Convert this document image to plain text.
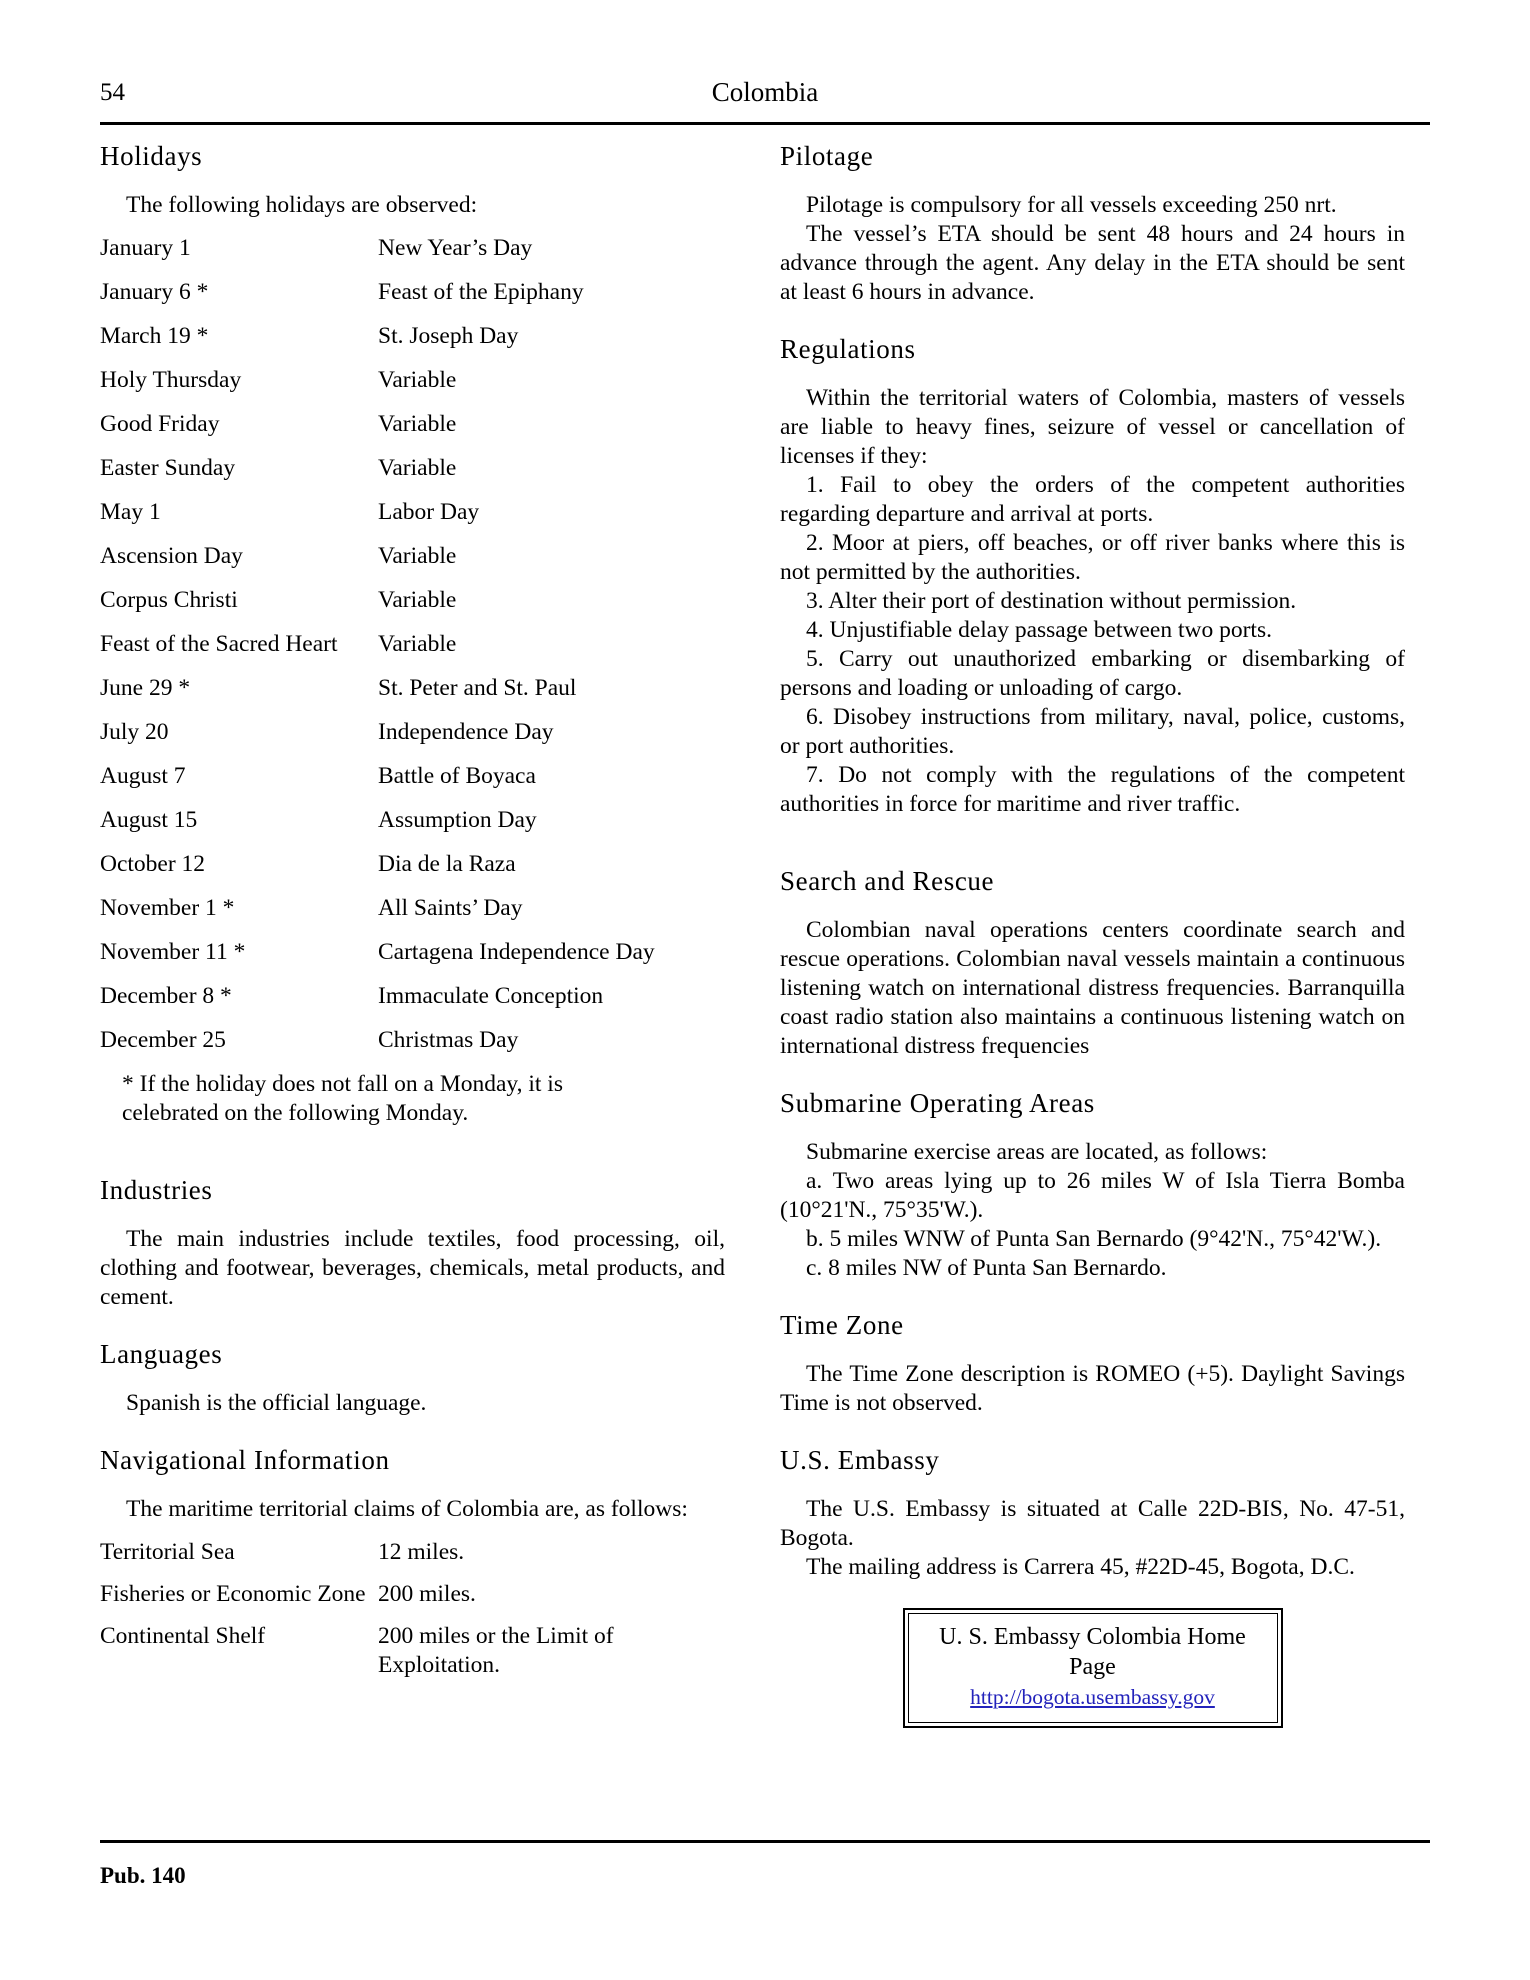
54	Colombia
Holidays

The following holidays are observed:

January 1	New Year’s Day
January 6 *	Feast of the Epiphany
March 19 *	St. Joseph Day
Holy Thursday	Variable
Good Friday	Variable
Easter Sunday	Variable
May 1	Labor Day
Ascension Day	Variable
Corpus Christi	Variable
Feast of the Sacred Heart	Variable
June 29 *	St. Peter and St. Paul
July 20	Independence Day
August 7	Battle of Boyaca
August 15	Assumption Day
October 12	Dia de la Raza
November 1 *	All Saints’ Day
November 11 *	Cartagena Independence Day
December 8 *	Immaculate Conception
December 25	Christmas Day

* If the holiday does not fall on a Monday, it is celebrated on the following Monday.

Industries

The main industries include textiles, food processing, oil, clothing and footwear, beverages, chemicals, metal products, and cement.

Languages

Spanish is the official language.

Navigational Information

The maritime territorial claims of Colombia are, as follows:

Territorial Sea	12 miles.
Fisheries or Economic Zone	200 miles.
Continental Shelf	200 miles or the Limit of Exploitation.
Pilotage

Pilotage is compulsory for all vessels exceeding 250 nrt.

The vessel’s ETA should be sent 48 hours and 24 hours in advance through the agent. Any delay in the ETA should be sent at least 6 hours in advance.

Regulations

Within the territorial waters of Colombia, masters of vessels are liable to heavy fines, seizure of vessel or cancellation of licenses if they:

1. Fail to obey the orders of the competent authorities regarding departure and arrival at ports.

2. Moor at piers, off beaches, or off river banks where this is not permitted by the authorities.

3. Alter their port of destination without permission.

4. Unjustifiable delay passage between two ports.

5. Carry out unauthorized embarking or disembarking of persons and loading or unloading of cargo.

6. Disobey instructions from military, naval, police, customs, or port authorities.

7. Do not comply with the regulations of the competent authorities in force for maritime and river traffic.

Search and Rescue

Colombian naval operations centers coordinate search and rescue operations. Colombian naval vessels maintain a continuous listening watch on international distress frequencies. Barranquilla coast radio station also maintains a continuous listening watch on international distress frequencies

Submarine Operating Areas

Submarine exercise areas are located, as follows:

a. Two areas lying up to 26 miles W of Isla Tierra Bomba (10°21'N., 75°35'W.).

b. 5 miles WNW of Punta San Bernardo (9°42'N., 75°42'W.).

c. 8 miles NW of Punta San Bernardo.

Time Zone

The Time Zone description is ROMEO (+5). Daylight Savings Time is not observed.

U.S. Embassy

The U.S. Embassy is situated at Calle 22D-BIS, No. 47-51, Bogota.

The mailing address is Carrera 45, #22D-45, Bogota, D.C.

U. S. Embassy Colombia Home Page
http://bogota.usembassy.gov
Pub. 140
